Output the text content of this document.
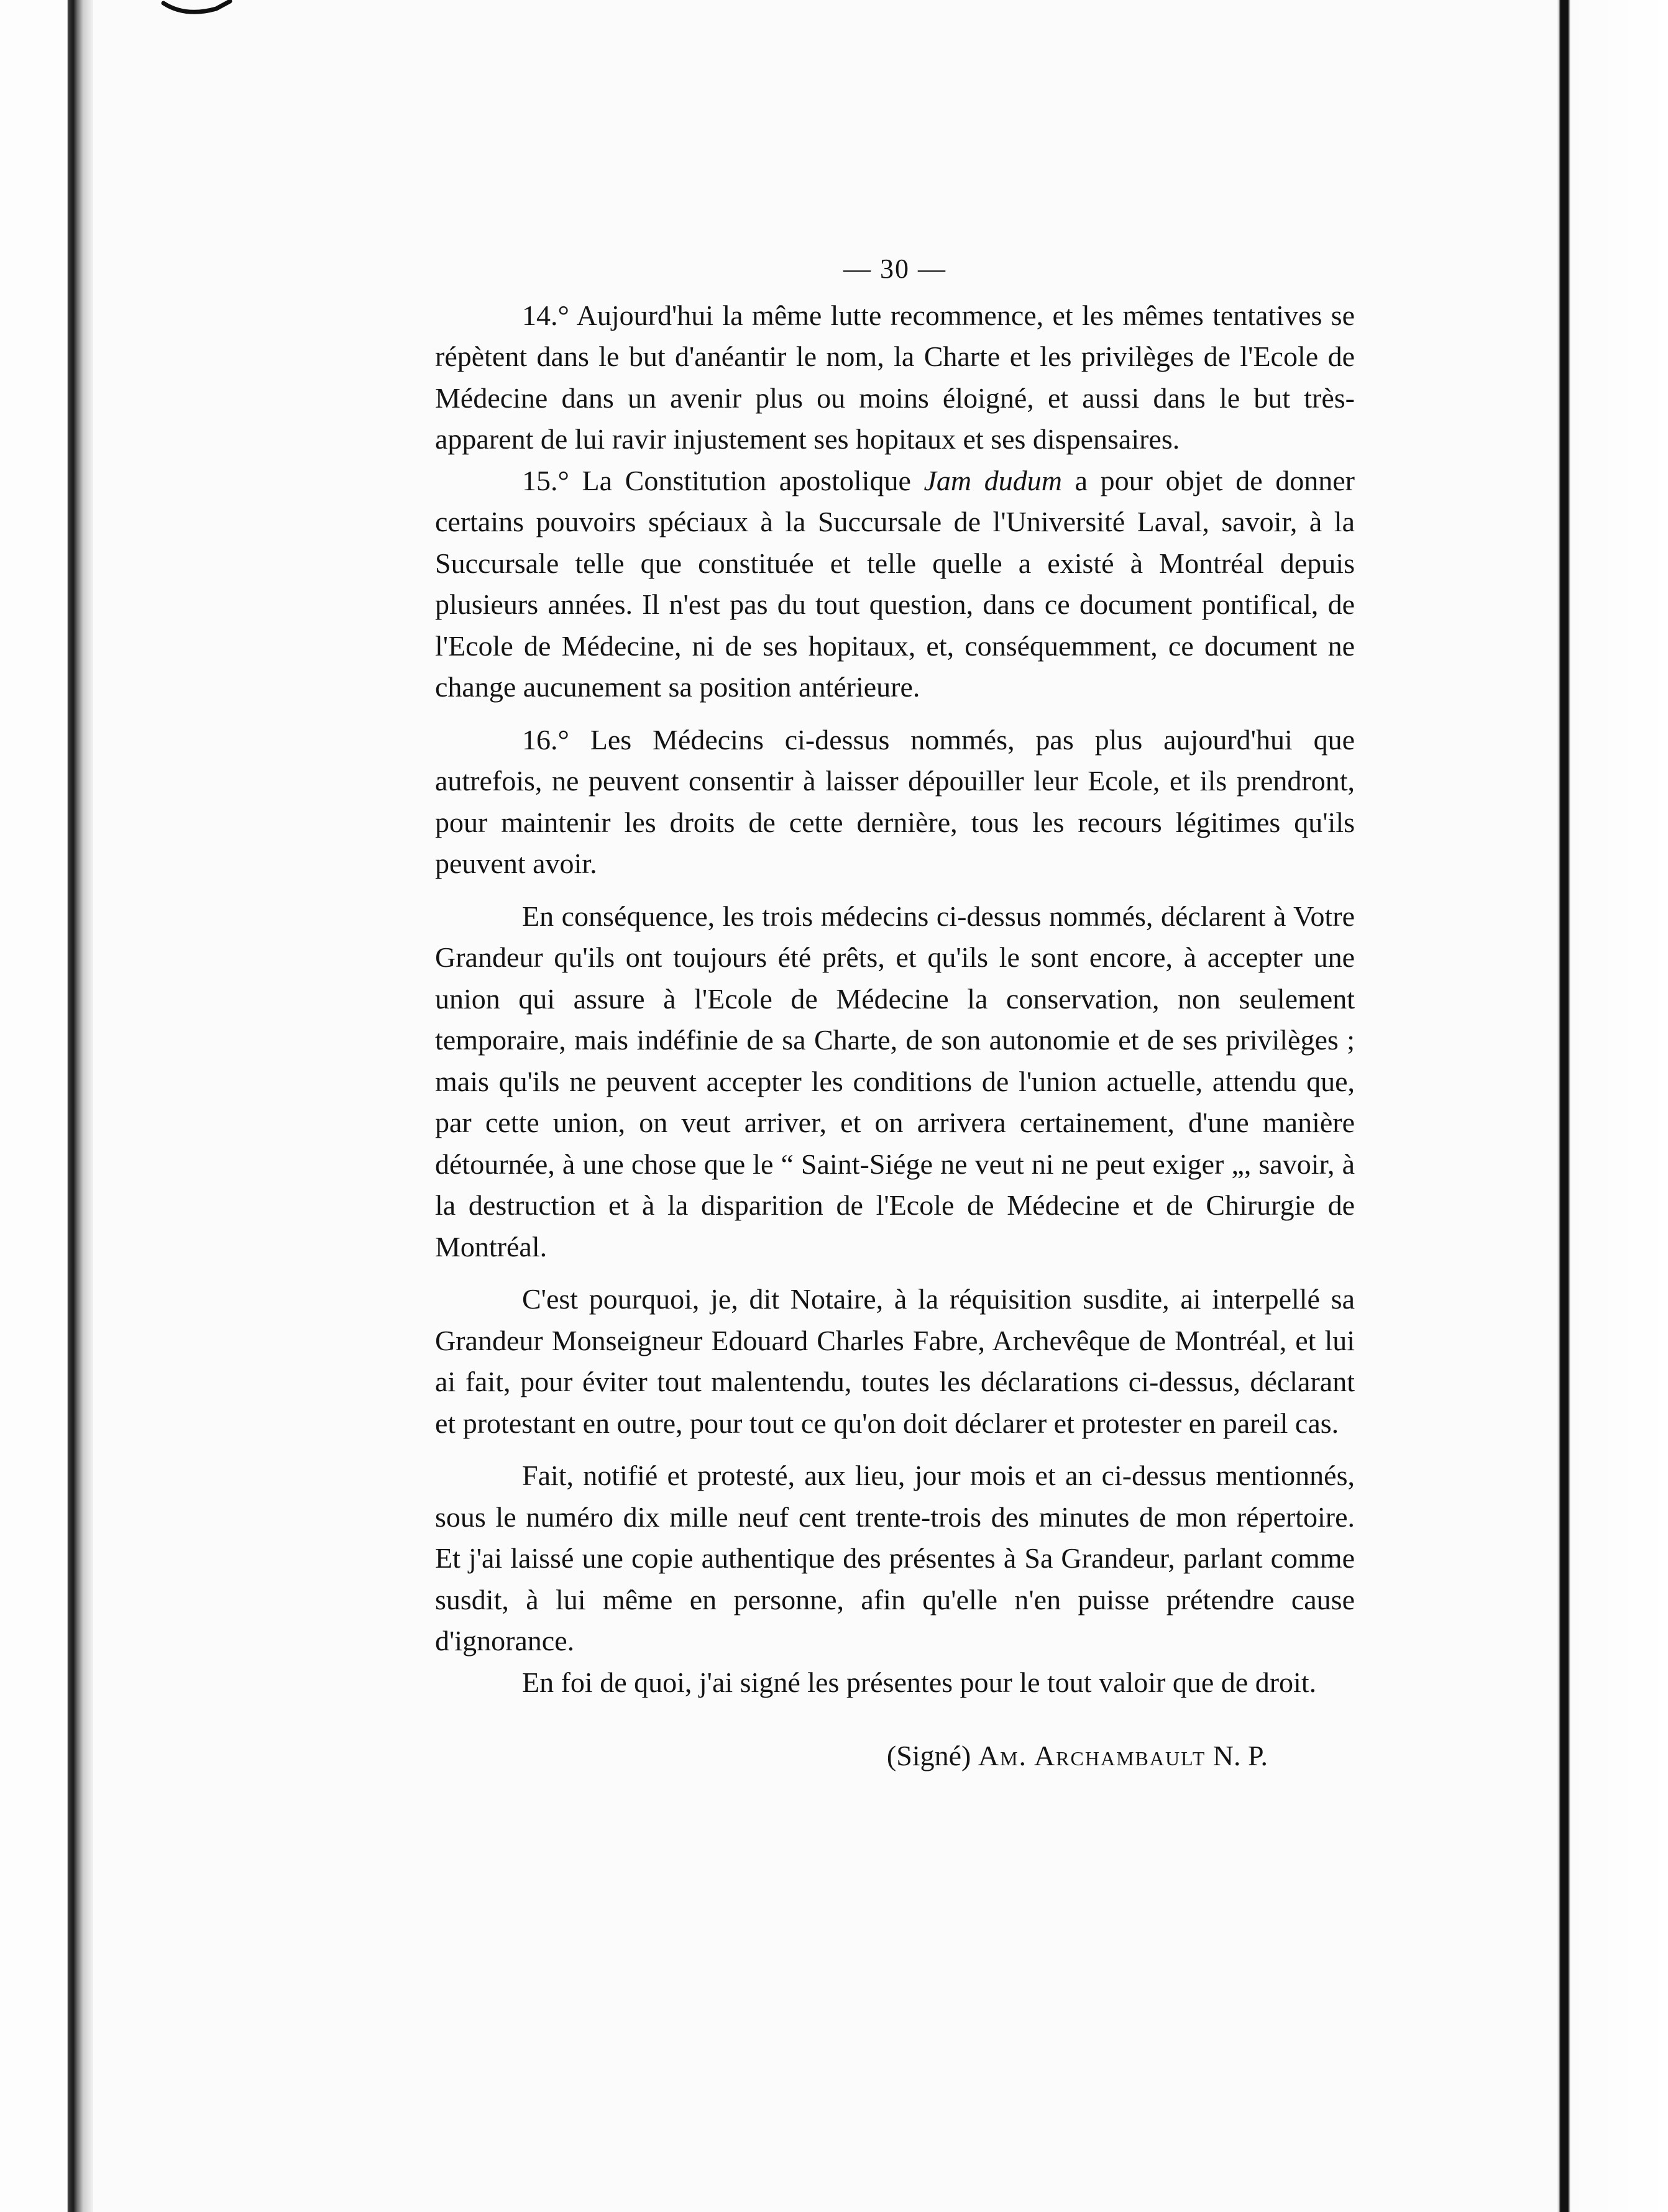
— 30 —

14.° Aujourd'hui la même lutte recommence, et les mêmes tentatives se répètent dans le but d'anéantir le nom, la Charte et les privilèges de l'Ecole de Médecine dans un avenir plus ou moins éloigné, et aussi dans le but très-apparent de lui ravir injustement ses hopitaux et ses dispensaires.

15.° La Constitution apostolique Jam dudum a pour objet de donner certains pouvoirs spéciaux à la Succursale de l'Université Laval, savoir, à la Succursale telle que constituée et telle quelle a existé à Montréal depuis plusieurs années. Il n'est pas du tout question, dans ce document pontifical, de l'Ecole de Médecine, ni de ses hopitaux, et, conséquemment, ce document ne change aucunement sa position antérieure.

16.° Les Médecins ci-dessus nommés, pas plus aujourd'hui que autrefois, ne peuvent consentir à laisser dépouiller leur Ecole, et ils prendront, pour maintenir les droits de cette dernière, tous les recours légitimes qu'ils peuvent avoir.

En conséquence, les trois médecins ci-dessus nommés, déclarent à Votre Grandeur qu'ils ont toujours été prêts, et qu'ils le sont encore, à accepter une union qui assure à l'Ecole de Médecine la conservation, non seulement temporaire, mais indéfinie de sa Charte, de son autonomie et de ses privilèges ; mais qu'ils ne peuvent accepter les conditions de l'union actuelle, attendu que, par cette union, on veut arriver, et on arrivera certainement, d'une manière détournée, à une chose que le “ Saint-Siége ne veut ni ne peut exiger „, savoir, à la destruction et à la disparition de l'Ecole de Médecine et de Chirurgie de Montréal.

C'est pourquoi, je, dit Notaire, à la réquisition susdite, ai interpellé sa Grandeur Monseigneur Edouard Charles Fabre, Archevêque de Montréal, et lui ai fait, pour éviter tout malentendu, toutes les déclarations ci-dessus, déclarant et protestant en outre, pour tout ce qu'on doit déclarer et protester en pareil cas.

Fait, notifié et protesté, aux lieu, jour mois et an ci-dessus mentionnés, sous le numéro dix mille neuf cent trente-trois des minutes de mon répertoire. Et j'ai laissé une copie authentique des présentes à Sa Grandeur, parlant comme susdit, à lui même en personne, afin qu'elle n'en puisse prétendre cause d'ignorance.

En foi de quoi, j'ai signé les présentes pour le tout valoir que de droit.

(Signé) Am. Archambault N. P.
